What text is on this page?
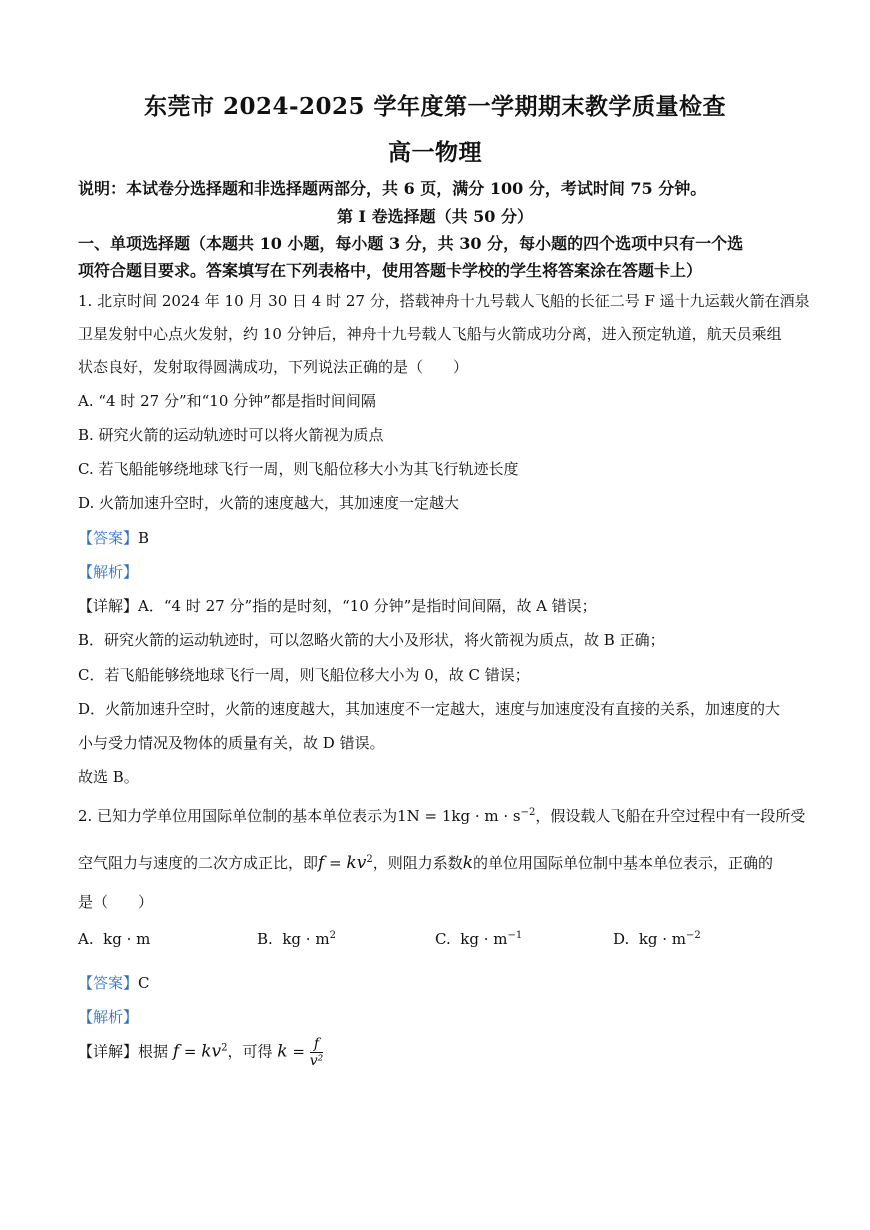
东莞市 2024-2025 学年度第一学期期末教学质量检查
高一物理
说明：本试卷分选择题和非选择题两部分，共 6 页，满分 100 分，考试时间 75 分钟。
第 I 卷选择题（共 50 分）
一、单项选择题（本题共 10 小题，每小题 3 分，共 30 分，每小题的四个选项中只有一个选
项符合题目要求。答案填写在下列表格中，使用答题卡学校的学生将答案涂在答题卡上）
1. 北京时间 2024 年 10 月 30 日 4 时 27 分，搭载神舟十九号载人飞船的长征二号 F 遥十九运载火箭在酒泉
卫星发射中心点火发射，约 10 分钟后，神舟十九号载人飞船与火箭成功分离，进入预定轨道，航天员乘组
状态良好，发射取得圆满成功，下列说法正确的是（　　）
A. “4 时 27 分”和“10 分钟”都是指时间间隔
B. 研究火箭的运动轨迹时可以将火箭视为质点
C. 若飞船能够绕地球飞行一周，则飞船位移大小为其飞行轨迹长度
D. 火箭加速升空时，火箭的速度越大，其加速度一定越大
【答案】B
【解析】
【详解】A．“4 时 27 分”指的是时刻，“10 分钟”是指时间间隔，故 A 错误；
B．研究火箭的运动轨迹时，可以忽略火箭的大小及形状，将火箭视为质点，故 B 正确；
C．若飞船能够绕地球飞行一周，则飞船位移大小为 0，故 C 错误；
D．火箭加速升空时，火箭的速度越大，其加速度不一定越大，速度与加速度没有直接的关系，加速度的大
小与受力情况及物体的质量有关，故 D 错误。
故选 B。
2. 已知力学单位用国际单位制的基本单位表示为$1N = 1kg \cdot m \cdot s^{-2}$，假设载人飞船在升空过程中有一段所受
空气阻力与速度的二次方成正比，即$f = kv^2$，则阻力系数k的单位用国际单位制中基本单位表示，正确的
是（　　）
A. kg · m	B. kg · $m^2$	C. kg · $m^{-1}$	D. kg · $m^{-2}$
【答案】C
【解析】
【详解】根据 $f = kv^2$，可得 $k = \frac{f}{\text{v²}}$
